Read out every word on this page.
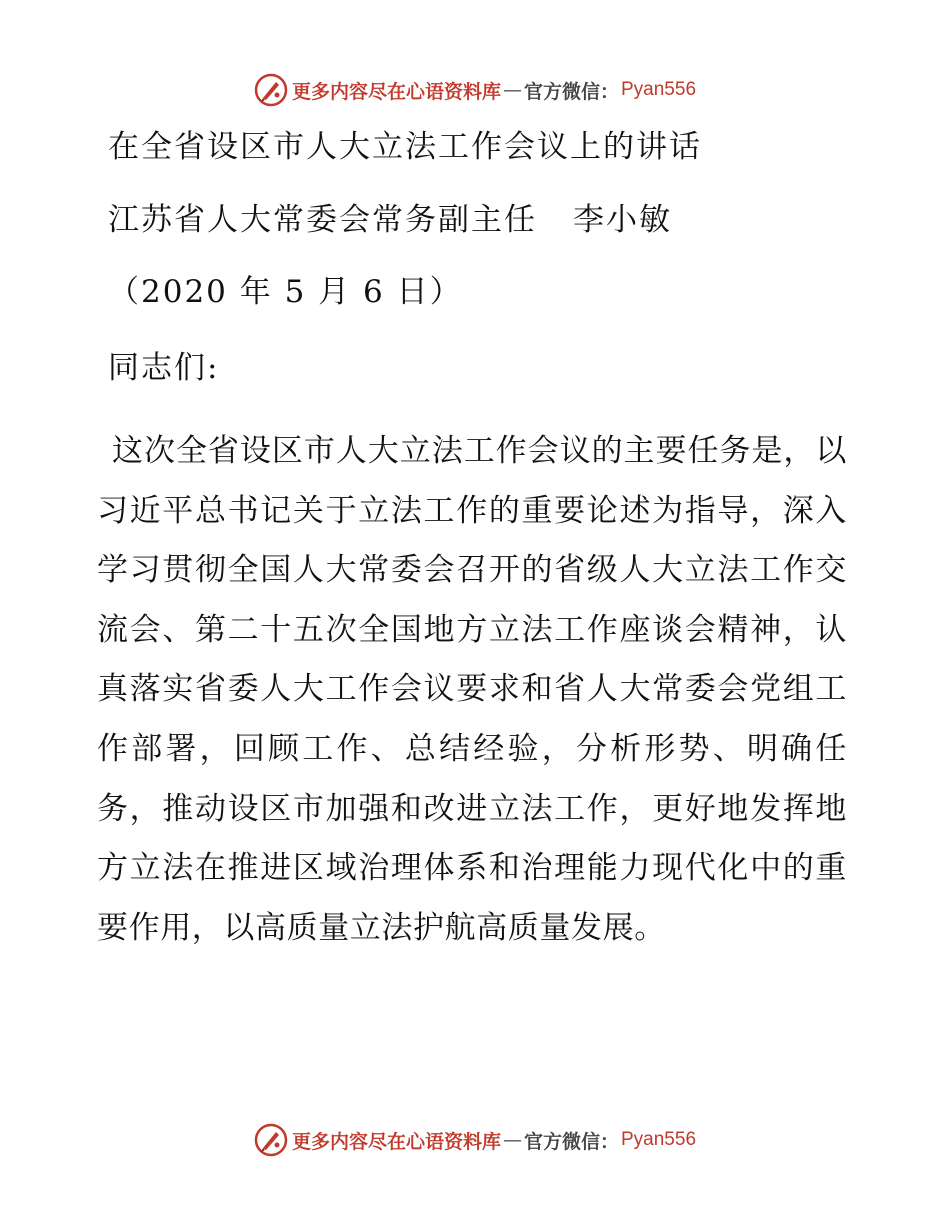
更多内容尽在心语资料库 — 官方微信： Pyan556
在全省设区市人大立法工作会议上的讲话
江苏省人大常委会常务副主任 李小敏
（2020 年 5 月 6 日）
同志们:
这次全省设区市人大立法工作会议的主要任务是，以习近平总书记关于立法工作的重要论述为指导，深入学习贯彻全国人大常委会召开的省级人大立法工作交流会、第二十五次全国地方立法工作座谈会精神，认真落实省委人大工作会议要求和省人大常委会党组工作部署，回顾工作、总结经验，分析形势、明确任务，推动设区市加强和改进立法工作，更好地发挥地方立法在推进区域治理体系和治理能力现代化中的重要作用，以高质量立法护航高质量发展。
更多内容尽在心语资料库 — 官方微信： Pyan556
